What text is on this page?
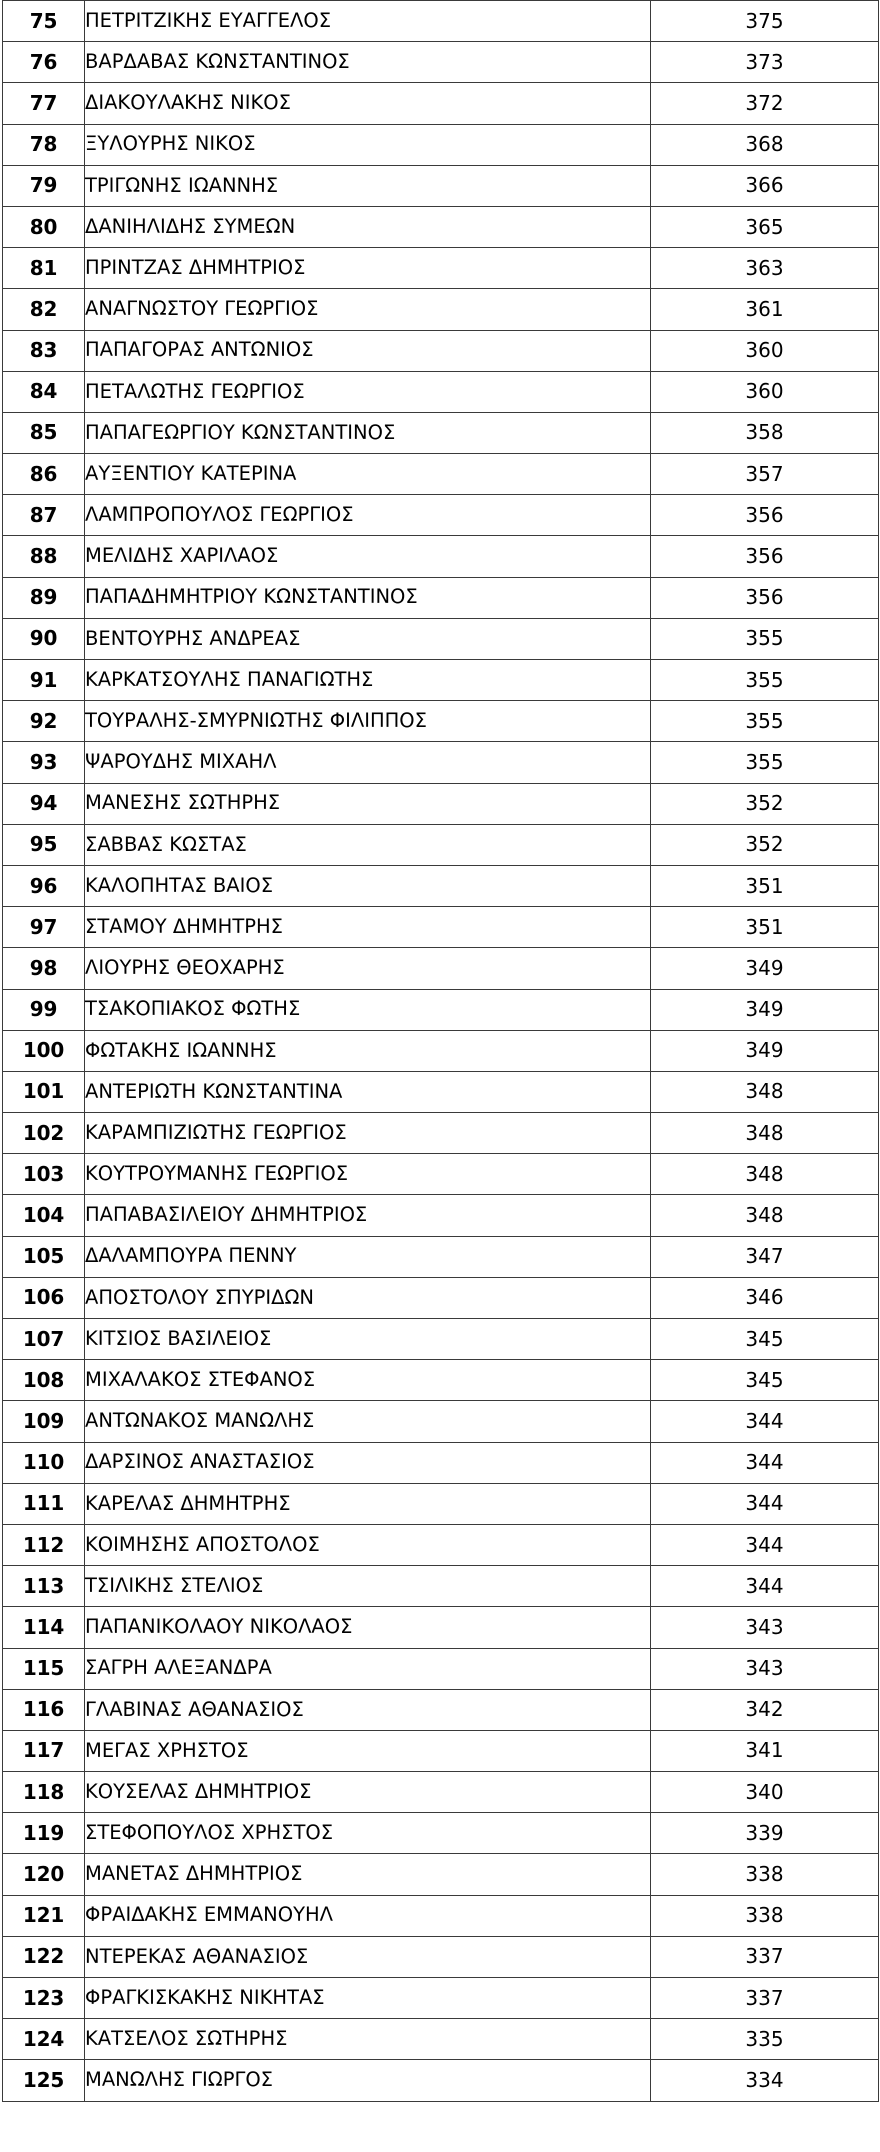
75	ΠΕΤΡΙΤΖΙΚΗΣ ΕΥΑΓΓΕΛΟΣ	375
76	ΒΑΡΔΑΒΑΣ ΚΩΝΣΤΑΝΤΙΝΟΣ	373
77	ΔΙΑΚΟΥΛΑΚΗΣ ΝΙΚΟΣ	372
78	ΞΥΛΟΥΡΗΣ ΝΙΚΟΣ	368
79	ΤΡΙΓΩΝΗΣ ΙΩΑΝΝΗΣ	366
80	ΔΑΝΙΗΛΙΔΗΣ ΣΥΜΕΩΝ	365
81	ΠΡΙΝΤΖΑΣ ΔΗΜΗΤΡΙΟΣ	363
82	ΑΝΑΓΝΩΣΤΟΥ ΓΕΩΡΓΙΟΣ	361
83	ΠΑΠΑΓΟΡΑΣ ΑΝΤΩΝΙΟΣ	360
84	ΠΕΤΑΛΩΤΗΣ ΓΕΩΡΓΙΟΣ	360
85	ΠΑΠΑΓΕΩΡΓΙΟΥ ΚΩΝΣΤΑΝΤΙΝΟΣ	358
86	ΑΥΞΕΝΤΙΟΥ ΚΑΤΕΡΙΝΑ	357
87	ΛΑΜΠΡΟΠΟΥΛΟΣ ΓΕΩΡΓΙΟΣ	356
88	ΜΕΛΙΔΗΣ ΧΑΡΙΛΑΟΣ	356
89	ΠΑΠΑΔΗΜΗΤΡΙΟΥ ΚΩΝΣΤΑΝΤΙΝΟΣ	356
90	ΒΕΝΤΟΥΡΗΣ ΑΝΔΡΕΑΣ	355
91	ΚΑΡΚΑΤΣΟΥΛΗΣ ΠΑΝΑΓΙΩΤΗΣ	355
92	ΤΟΥΡΑΛΗΣ-ΣΜΥΡΝΙΩΤΗΣ ΦΙΛΙΠΠΟΣ	355
93	ΨΑΡΟΥΔΗΣ ΜΙΧΑΗΛ	355
94	ΜΑΝΕΣΗΣ ΣΩΤΗΡΗΣ	352
95	ΣΑΒΒΑΣ ΚΩΣΤΑΣ	352
96	ΚΑΛΟΠΗΤΑΣ ΒΑΙΟΣ	351
97	ΣΤΑΜΟΥ ΔΗΜΗΤΡΗΣ	351
98	ΛΙΟΥΡΗΣ ΘΕΟΧΑΡΗΣ	349
99	ΤΣΑΚΟΠΙΑΚΟΣ ΦΩΤΗΣ	349
100	ΦΩΤΑΚΗΣ ΙΩΑΝΝΗΣ	349
101	ΑΝΤΕΡΙΩΤΗ ΚΩΝΣΤΑΝΤΙΝΑ	348
102	ΚΑΡΑΜΠΙΖΙΩΤΗΣ ΓΕΩΡΓΙΟΣ	348
103	ΚΟΥΤΡΟΥΜΑΝΗΣ ΓΕΩΡΓΙΟΣ	348
104	ΠΑΠΑΒΑΣΙΛΕΙΟΥ ΔΗΜΗΤΡΙΟΣ	348
105	ΔΑΛΑΜΠΟΥΡΑ ΠΕΝΝΥ	347
106	ΑΠΟΣΤΟΛΟΥ ΣΠΥΡΙΔΩΝ	346
107	ΚΙΤΣΙΟΣ ΒΑΣΙΛΕΙΟΣ	345
108	ΜΙΧΑΛΑΚΟΣ ΣΤΕΦΑΝΟΣ	345
109	ΑΝΤΩΝΑΚΟΣ ΜΑΝΩΛΗΣ	344
110	ΔΑΡΣΙΝΟΣ ΑΝΑΣΤΑΣΙΟΣ	344
111	ΚΑΡΕΛΑΣ ΔΗΜΗΤΡΗΣ	344
112	ΚΟΙΜΗΣΗΣ ΑΠΟΣΤΟΛΟΣ	344
113	ΤΣΙΛΙΚΗΣ ΣΤΕΛΙΟΣ	344
114	ΠΑΠΑΝΙΚΟΛΑΟΥ ΝΙΚΟΛΑΟΣ	343
115	ΣΑΓΡΗ ΑΛΕΞΑΝΔΡΑ	343
116	ΓΛΑΒΙΝΑΣ ΑΘΑΝΑΣΙΟΣ	342
117	ΜΕΓΑΣ ΧΡΗΣΤΟΣ	341
118	ΚΟΥΣΕΛΑΣ ΔΗΜΗΤΡΙΟΣ	340
119	ΣΤΕΦΟΠΟΥΛΟΣ ΧΡΗΣΤΟΣ	339
120	ΜΑΝΕΤΑΣ ΔΗΜΗΤΡΙΟΣ	338
121	ΦΡΑΙΔΑΚΗΣ ΕΜΜΑΝΟΥΗΛ	338
122	ΝΤΕΡΕΚΑΣ ΑΘΑΝΑΣΙΟΣ	337
123	ΦΡΑΓΚΙΣΚΑΚΗΣ ΝΙΚΗΤΑΣ	337
124	ΚΑΤΣΕΛΟΣ ΣΩΤΗΡΗΣ	335
125	ΜΑΝΩΛΗΣ ΓΙΩΡΓΟΣ	334
